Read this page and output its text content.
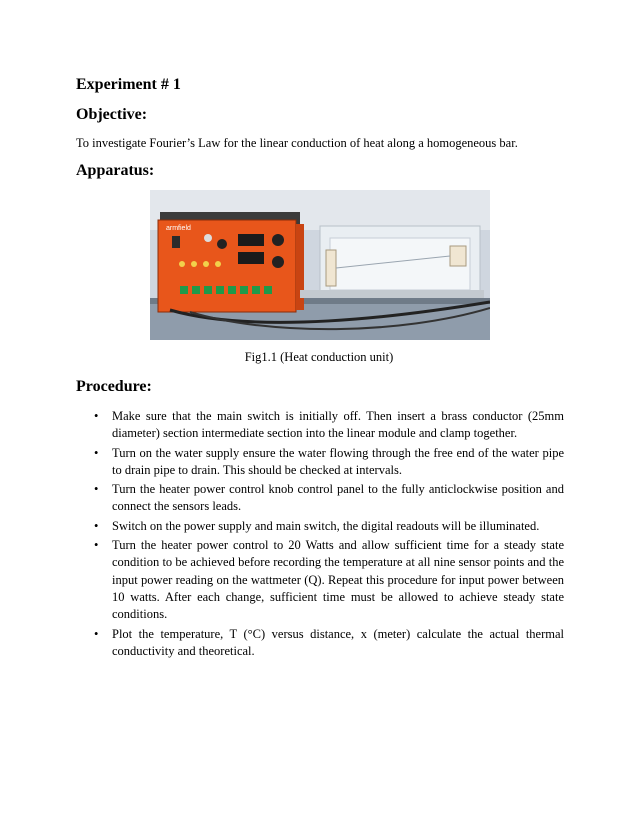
Experiment # 1
Objective:

To investigate Fourier’s Law for the linear conduction of heat along a homogeneous bar.

Apparatus:
armfield

Fig1.1 (Heat conduction unit)

Procedure:
• Make sure that the main switch is initially off. Then insert a brass conductor (25mm diameter) section intermediate section into the linear module and clamp together.
• Turn on the water supply ensure the water flowing through the free end of the water pipe to drain pipe to drain. This should be checked at intervals.
• Turn the heater power control knob control panel to the fully anticlockwise position and connect the sensors leads.
• Switch on the power supply and main switch, the digital readouts will be illuminated.
• Turn the heater power control to 20 Watts and allow sufficient time for a steady state condition to be achieved before recording the temperature at all nine sensor points and the input power reading on the wattmeter (Q). Repeat this procedure for input power between 10 watts. After each change, sufficient time must be allowed to achieve steady state conditions.
• Plot the temperature, T (°C) versus distance, x (meter) calculate the actual thermal conductivity and theoretical.
